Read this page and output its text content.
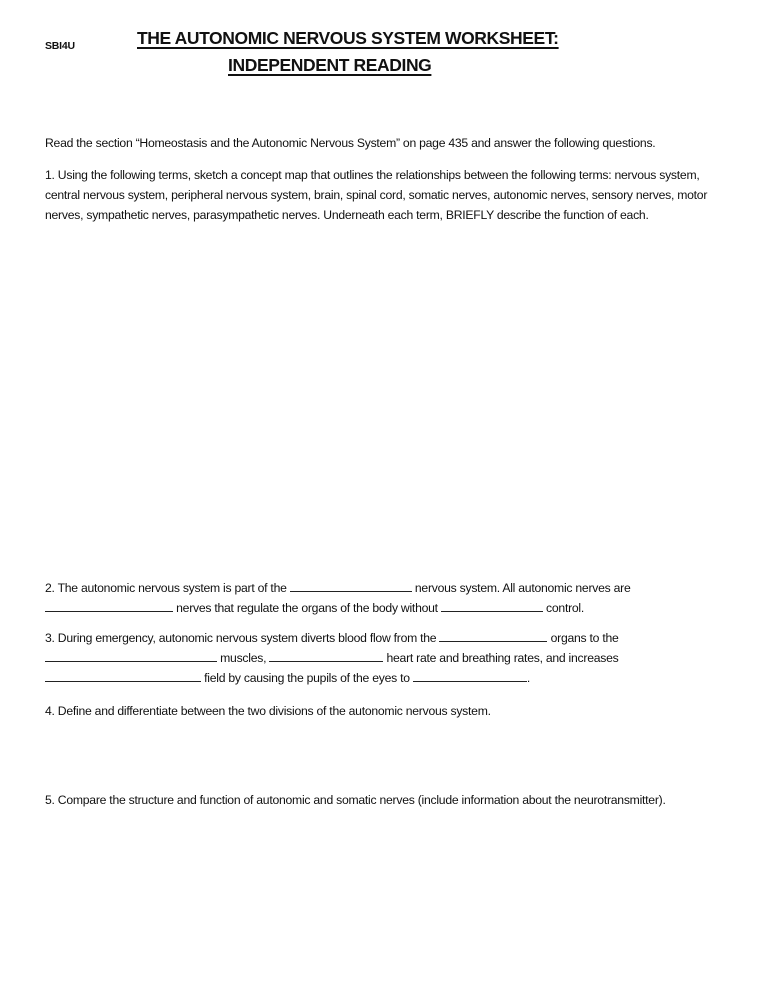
SBI4U	THE AUTONOMIC NERVOUS SYSTEM WORKSHEET:
INDEPENDENT READING
Read the section “Homeostasis and the Autonomic Nervous System” on page 435 and answer the following questions.
1. Using the following terms, sketch a concept map that outlines the relationships between the following terms: nervous system, central nervous system, peripheral nervous system, brain, spinal cord, somatic nerves, autonomic nerves, sensory nerves, motor nerves, sympathetic nerves, parasympathetic nerves. Underneath each term, BRIEFLY describe the function of each.
2. The autonomic nervous system is part of the	nervous system. All autonomic nerves are  nerves that regulate the organs of the body without	control.
3. During emergency, autonomic nervous system diverts blood flow from the	organs to the  muscles,	heart rate and breathing rates, and increases  field by causing the pupils of the eyes to	.
4. Define and differentiate between the two divisions of the autonomic nervous system.
5. Compare the structure and function of autonomic and somatic nerves (include information about the neurotransmitter).
